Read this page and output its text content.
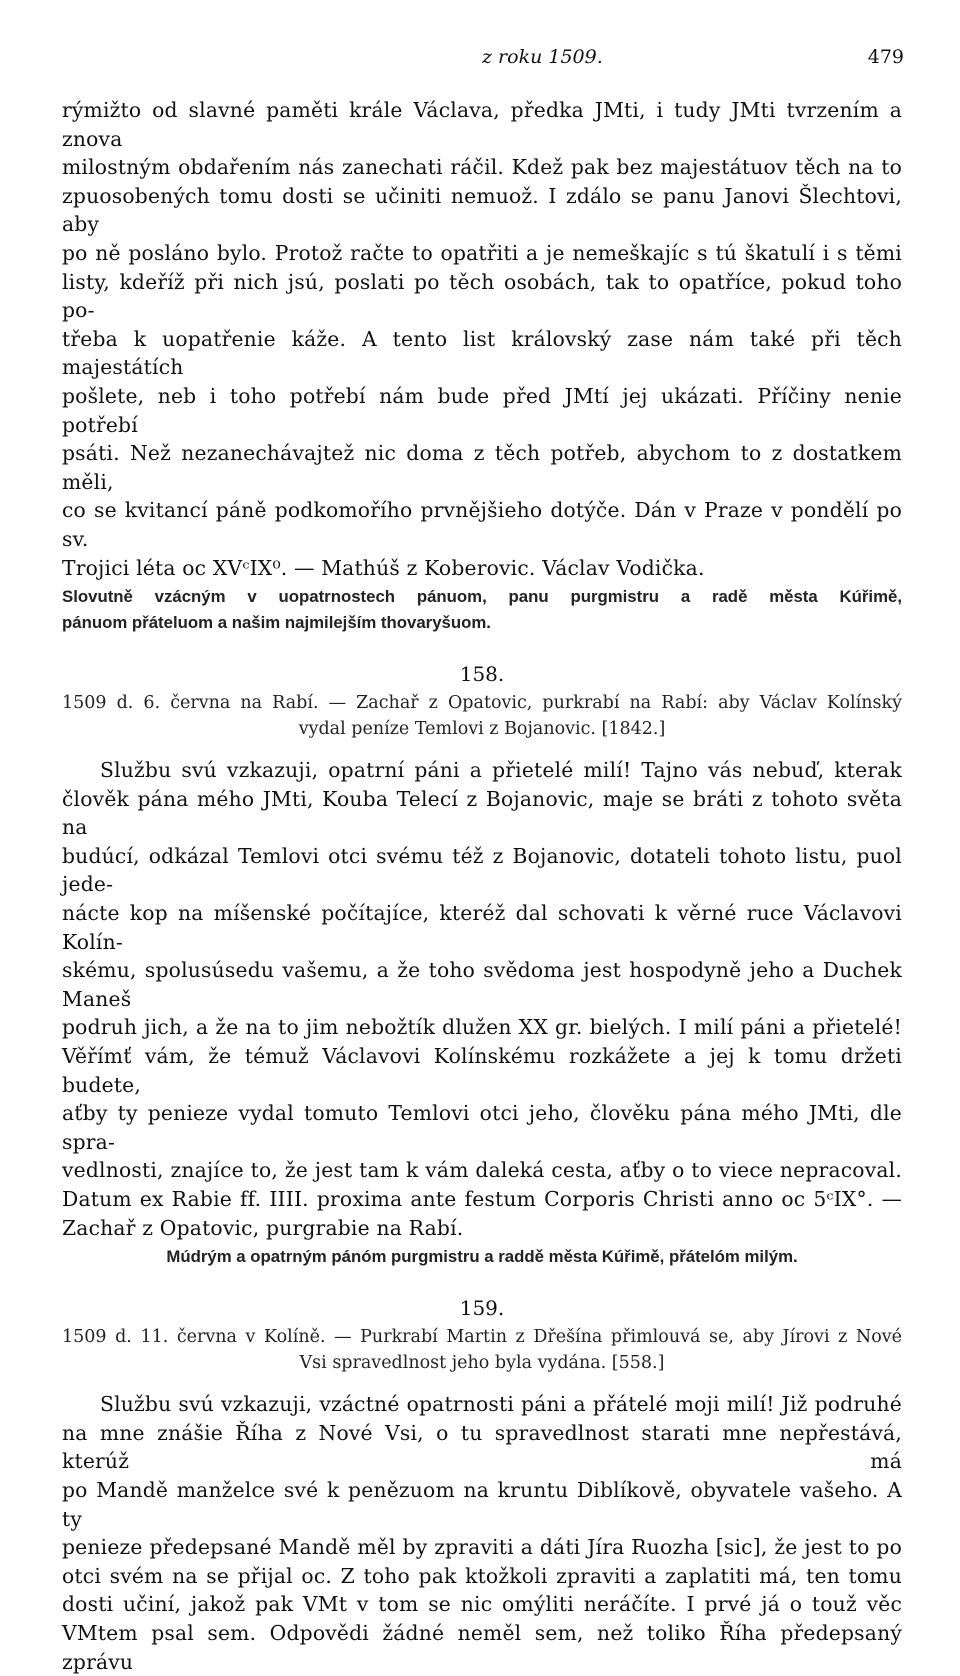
z roku 1509.	479
rýmižto od slavné paměti krále Václava, předka JMti, i tudy JMti tvrzením a znova
milostným obdařením nás zanechati ráčil. Kdež pak bez majestátuov těch na to
zpuosobených tomu dosti se učiniti nemuož. I zdálo se panu Janovi Šlechtovi, aby
po ně posláno bylo. Protož račte to opatřiti a je nemeškajíc s tú škatulí i s těmi
listy, kdeříž při nich jsú, poslati po těch osobách, tak to opatříce, pokud toho po-
třeba k uopatřenie káže. A tento list královský zase nám také při těch majestátích
pošlete, neb i toho potřebí nám bude před JMtí jej ukázati. Příčiny nenie potřebí
psáti. Než nezanechávajtež nic doma z těch potřeb, abychom to z dostatkem měli,
co se kvitancí páně podkomořího prvnějšieho dotýče. Dán v Praze v pondělí po sv.
Trojici léta oc XVᶜIX⁰. — Mathúš z Koberovic. Václav Vodička.
Slovutně vzácným v uopatrnostech pánuom, panu purgmistru a radě města Kúřimě,
pánuom přáteluom a našim najmilejším thovaryšuom.
158.
1509 d. 6. června na Rabí. — Zachař z Opatovic, purkrabí na Rabí: aby Václav Kolínský
vydal peníze Temlovi z Bojanovic. [1842.]
Službu svú vzkazuji, opatrní páni a přietelé milí! Tajno vás nebuď, kterak
člověk pána mého JMti, Kouba Telecí z Bojanovic, maje se bráti z tohoto světa na
budúcí, odkázal Temlovi otci svému též z Bojanovic, dotateli tohoto listu, puol jede-
nácte kop na míšenské počítajíce, kteréž dal schovati k věrné ruce Václavovi Kolín-
skému, spolusúsedu vašemu, a že toho svědoma jest hospodyně jeho a Duchek Maneš
podruh jich, a že na to jim nebožtík dlužen XX gr. bielých. I milí páni a přietelé!
Věřímť vám, že témuž Václavovi Kolínskému rozkážete a jej k tomu držeti budete,
aťby ty penieze vydal tomuto Temlovi otci jeho, člověku pána mého JMti, dle spra-
vedlnosti, znajíce to, že jest tam k vám daleká cesta, aťby o to viece nepracoval.
Datum ex Rabie ff. IIII. proxima ante festum Corporis Christi anno oc 5ᶜIX°. —
Zachař z Opatovic, purgrabie na Rabí.
Múdrým a opatrným pánóm purgmistru a raddě města Kúřimě, přátelóm milým.
159.
1509 d. 11. června v Kolíně. — Purkrabí Martin z Dřešína přimlouvá se, aby Jírovi z Nové
Vsi spravedlnost jeho byla vydána. [558.]
Službu svú vzkazuji, vzáctné opatrnosti páni a přátelé moji milí! Již podruhé
na mne znášie Říha z Nové Vsi, o tu spravedlnost starati mne nepřestává, kterúž má
po Mandě manželce své k penězuom na kruntu Diblíkově, obyvatele vašeho. A ty
penieze předepsané Mandě měl by zpraviti a dáti Jíra Ruozha [sic], že jest to po
otci svém na se přijal oc. Z toho pak ktožkoli zpraviti a zaplatiti má, ten tomu
dosti učiní, jakož pak VMt v tom se nic omýliti neráčíte. I prvé já o touž věc
VMtem psal sem. Odpovědi žádné neměl sem, než toliko Říha předepsaný zprávu
